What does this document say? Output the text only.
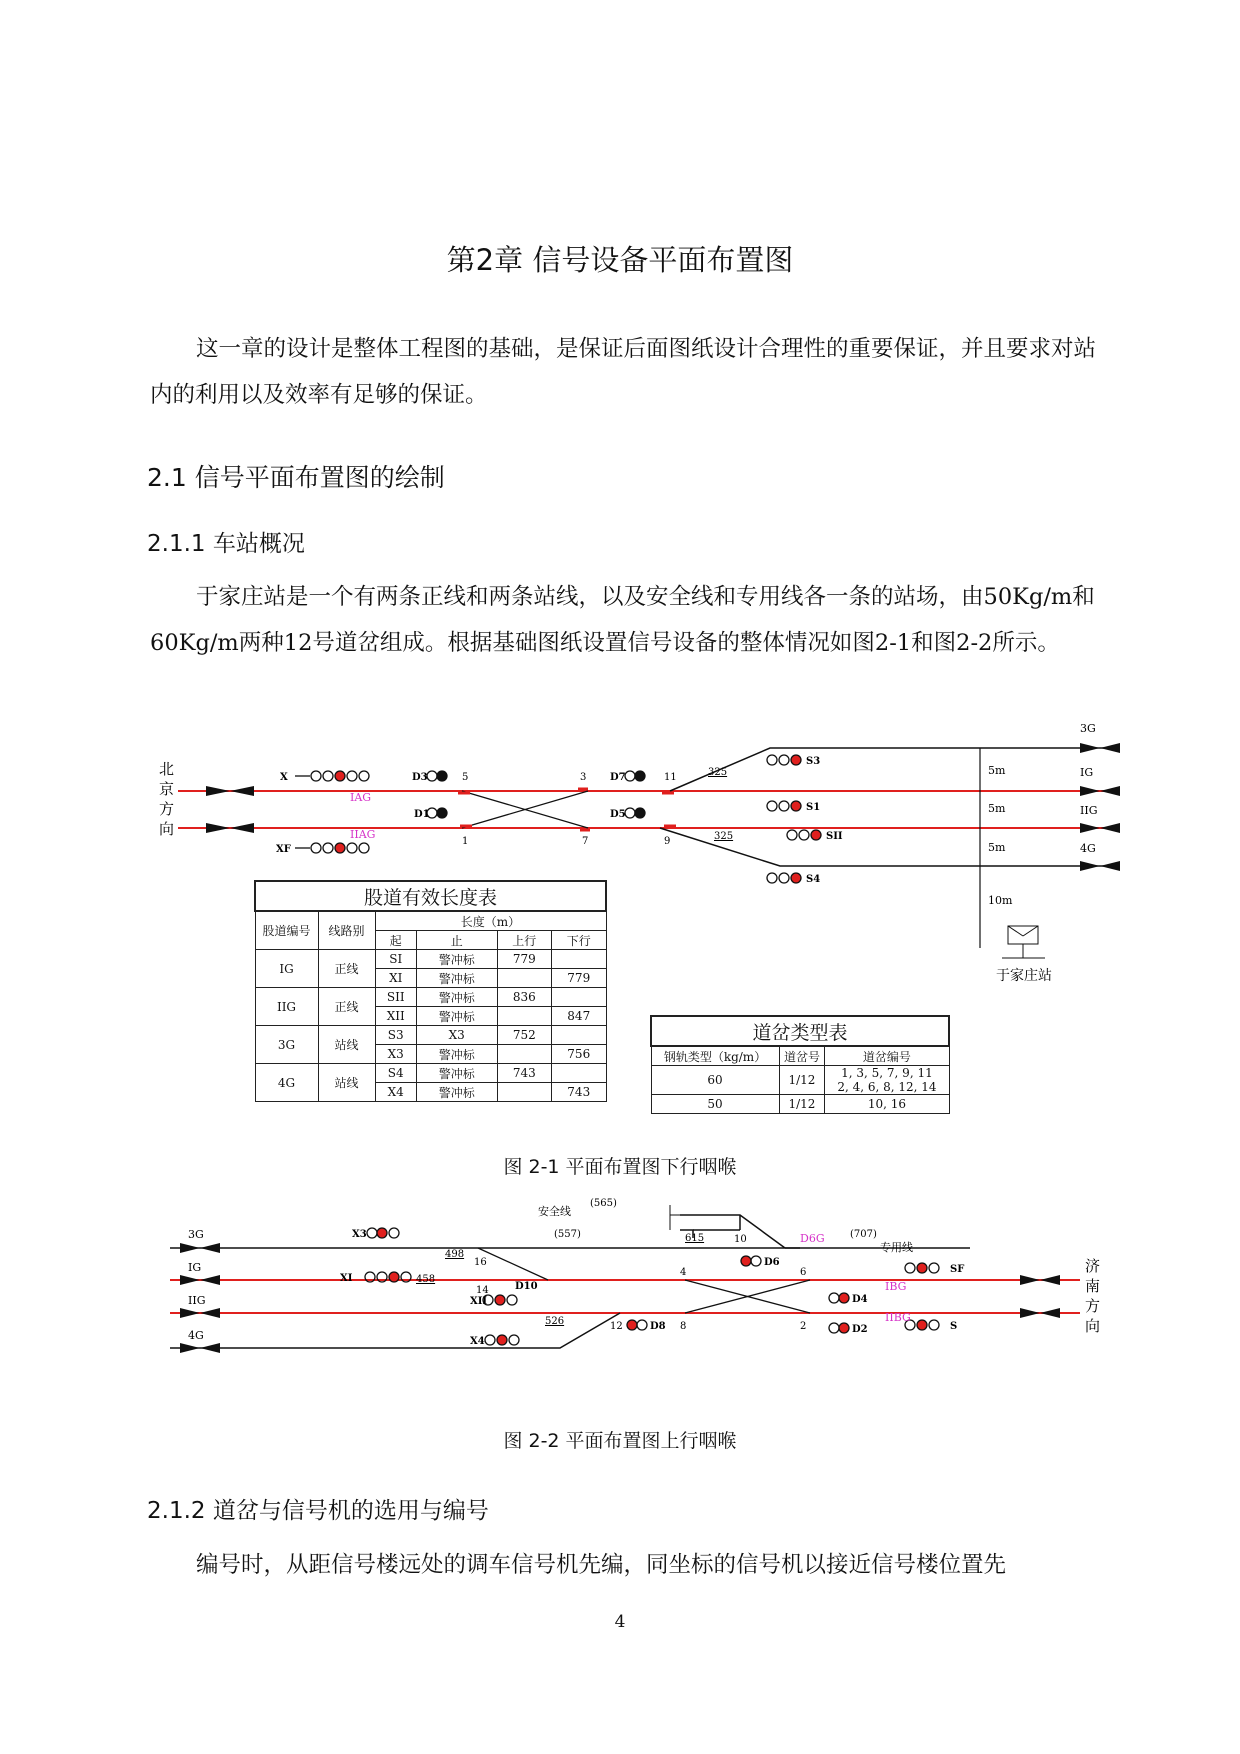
第2章 信号设备平面布置图

这一章的设计是整体工程图的基础，是保证后面图纸设计合理性的重要保证，并且要求对站内的利用以及效率有足够的保证。

2.1 信号平面布置图的绘制
2.1.1 车站概况

于家庄站是一个有两条正线和两条站线，以及安全线和专用线各一条的站场，由50Kg/m和60Kg/m两种12号道岔组成。根据基础图纸设置信号设备的整体情况如图2-1和图2-2所示。

北
京
方
向
X
XF
D3
D1
D7
D5
S3
S1
SII
S4
IAG
IIAG
5	3
1	7
11
9
325
325
5m
5m
5m
10m
3G
IG
IIG
4G
于家庄站
股道有效长度表					
股道编号	线路别	长度（m）			
		起	止	上行	下行
IG	正线	SI	警冲标	779	
		XI	警冲标		779
IIG	正线	SII	警冲标	836	
		XII	警冲标		847
3G	站线	S3	X3	752	
		X3	警冲标		756
4G	站线	S4	警冲标	743	
		X4	警冲标		743
道岔类型表		
钢轨类型（kg/m）	道岔号	道岔编号
60	1/12	1, 3, 5, 7, 9, 11
2, 4, 6, 8, 12, 14
50	1/12	10, 16
图 2-1 平面布置图下行咽喉
X3
XI
XII
X4
D10
D8
D6
D4
D2
SF
S
D6G
IBG
IIBG
16
14
10
4	6
8	2
12
498
458
615
526
(557)
(565)
(707)
3G
IG
IIG
4G
安全线
专用线
济
南
方
向
图 2-2 平面布置图上行咽喉
2.1.2 道岔与信号机的选用与编号

编号时，从距信号楼远处的调车信号机先编，同坐标的信号机以接近信号楼位置先

4
